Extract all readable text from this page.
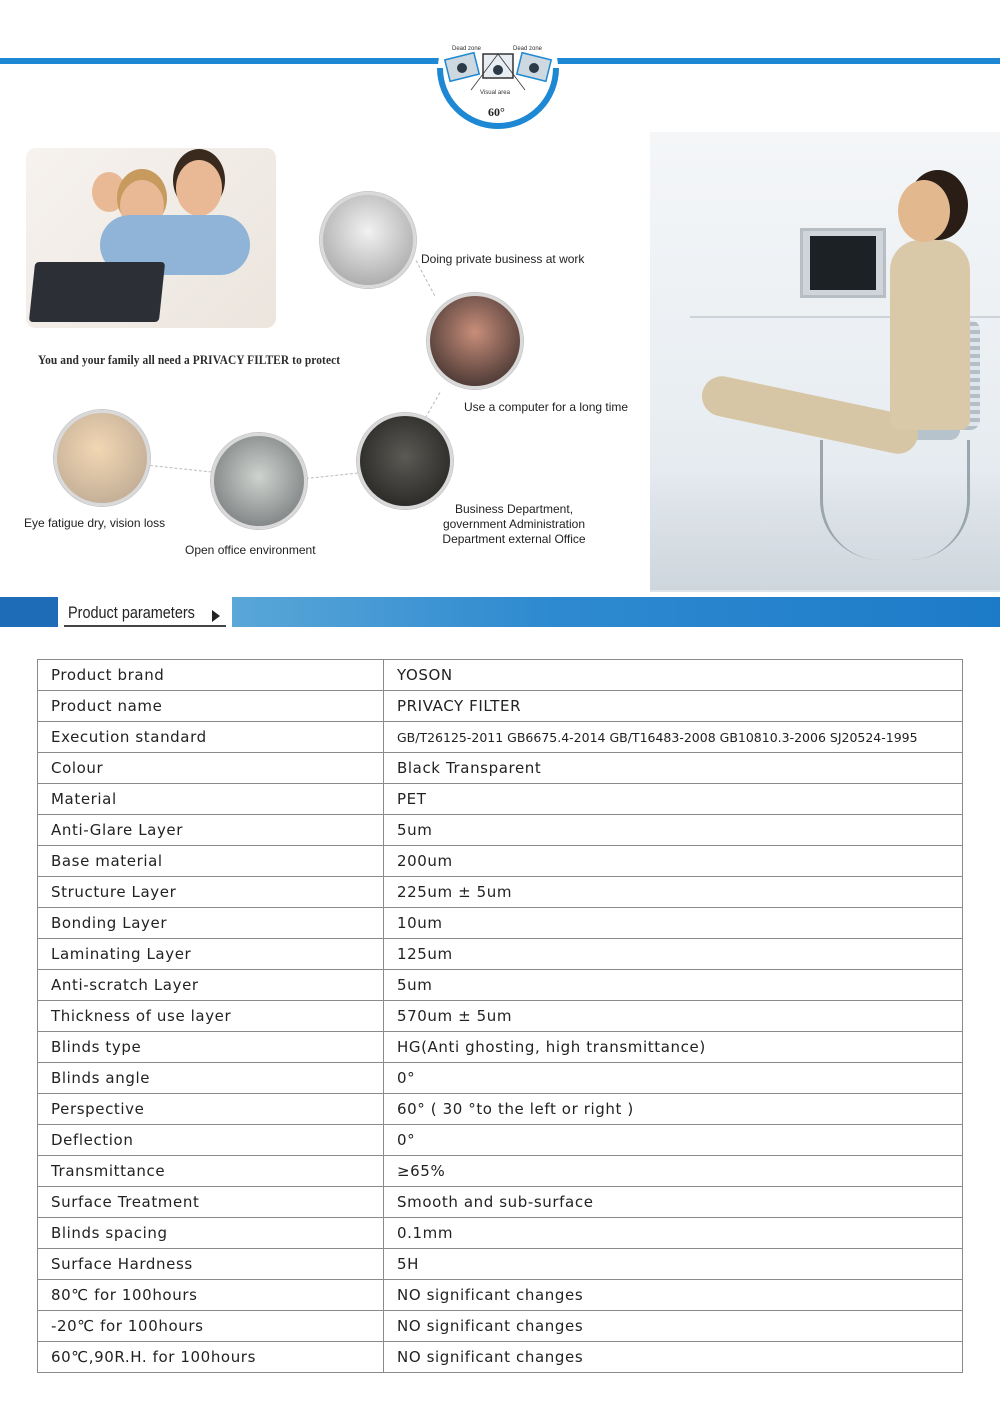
Dead zone	Dead zone
Visual area
60°
You and your family all need a PRIVACY FILTER to protect
Doing private business at work
Use a computer for a long time
Business Department,
government Administration
Department external Office
Open office environment
Eye fatigue dry, vision loss
Product parameters
Product brand	YOSON
Product name	PRIVACY FILTER
Execution standard	GB/T26125-2011 GB6675.4-2014 GB/T16483-2008 GB10810.3-2006 SJ20524-1995
Colour	Black Transparent
Material	PET
Anti-Glare Layer	5um
Base material	200um
Structure Layer	225um ± 5um
Bonding Layer	10um
Laminating Layer	125um
Anti-scratch Layer	5um
Thickness of use layer	570um ± 5um
Blinds type	HG(Anti ghosting, high transmittance)
Blinds angle	0°
Perspective	60° ( 30 °to the left or right )
Deflection	0°
Transmittance	≥65%
Surface Treatment	Smooth and sub-surface
Blinds spacing	0.1mm
Surface Hardness	5H
80℃ for 100hours	NO significant changes
-20℃ for 100hours	NO significant changes
60℃,90R.H. for 100hours	NO significant changes
